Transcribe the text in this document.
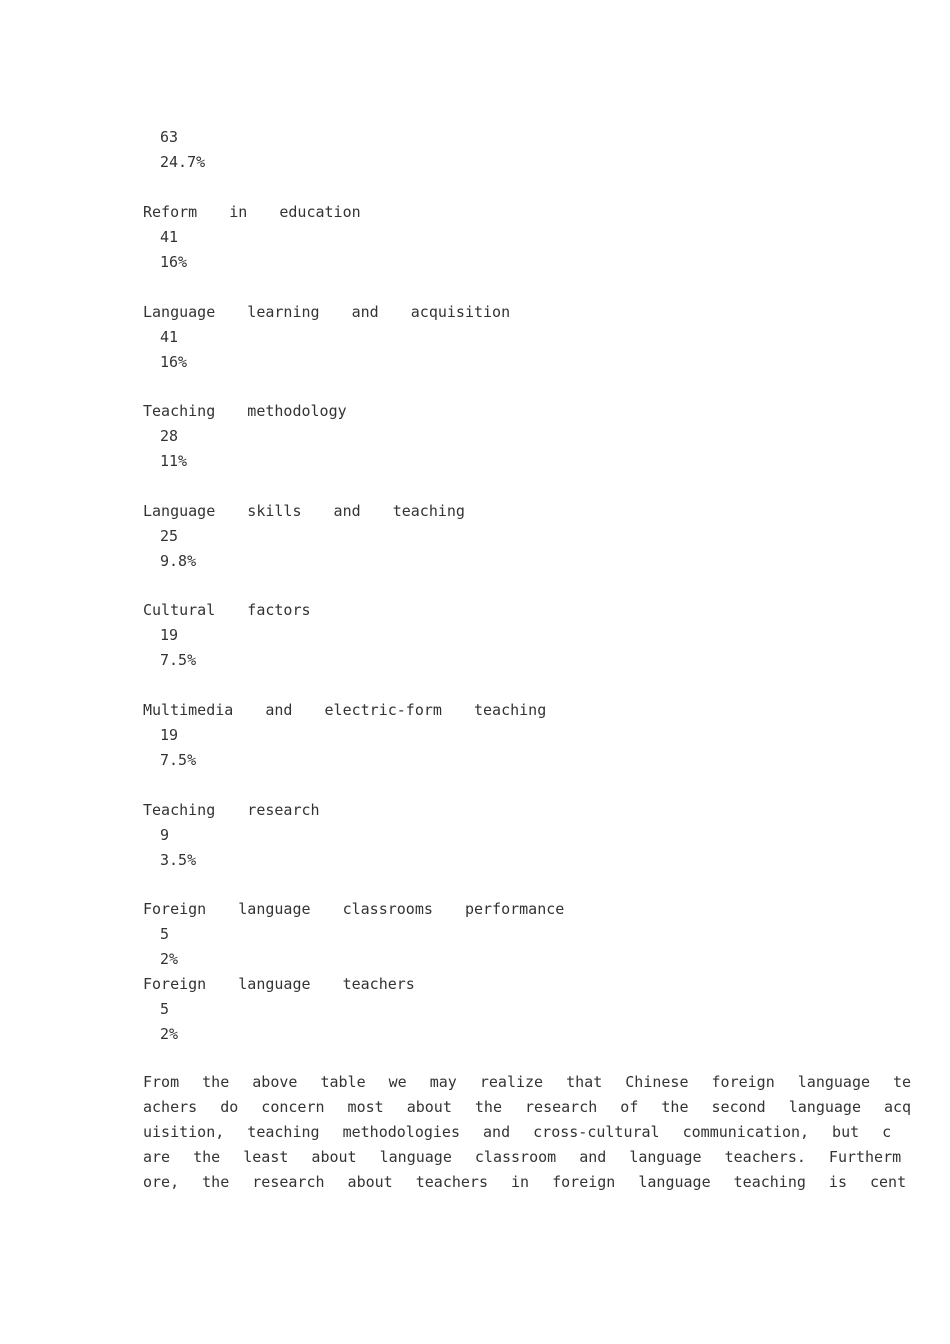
63
24.7%
Reform  in  education
41
16%
Language  learning  and  acquisition
41
16%
Teaching  methodology
28
11%
Language  skills  and  teaching
25
9.8%
Cultural  factors
19
7.5%
Multimedia  and  electric-form  teaching
19
7.5%
Teaching  research
9
3.5%
Foreign  language  classrooms  performance
5
2%
Foreign  language  teachers
5
2%
From the above table we may realize that Chinese foreign language te
achers do concern most about the research of the second language acq
uisition, teaching methodologies and cross-cultural communication, but c
are the least about language classroom and language teachers. Furtherm
ore, the research about teachers in foreign language teaching is cent
